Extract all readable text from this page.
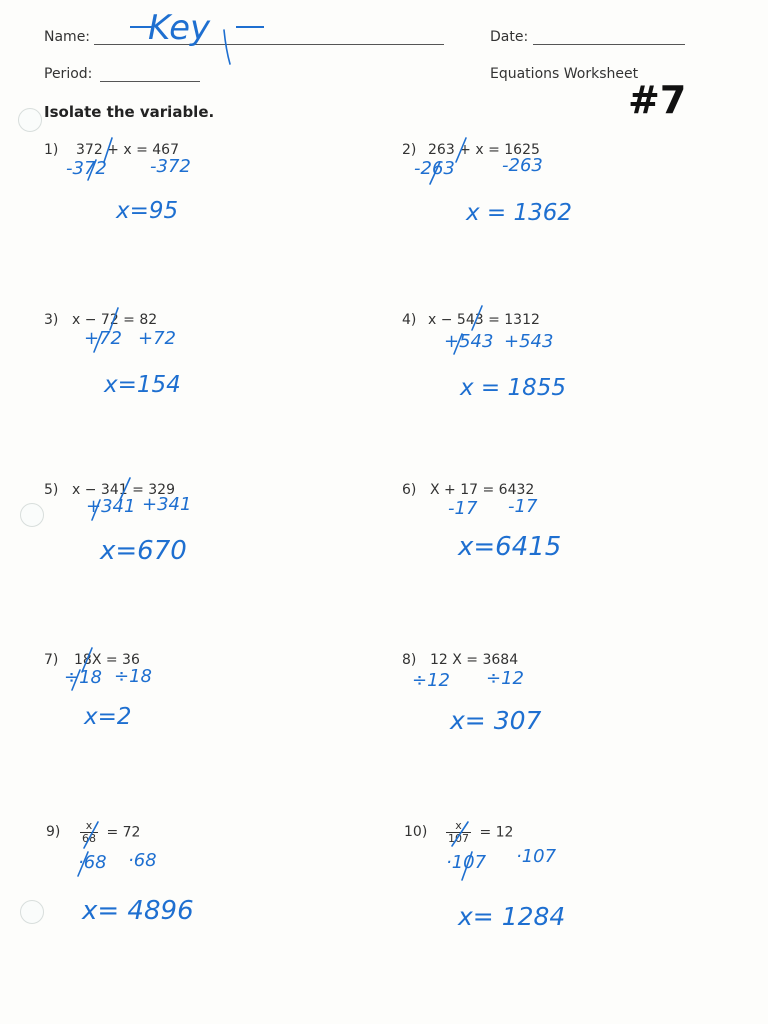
Name: Key	Date:
Period:	Equations Worksheet
#7
Isolate the variable.
1) 372 + x = 467
-372 -372
x=95
2) 263 + x = 1625
-263	-263
x = 1362
3) x − 72 = 82
+72 +72
x=154
4) x − 543 = 1312
+543 +543
x = 1855
5) x − 341 = 329
+341 +341
x=670
6) X + 17 = 6432
-17 -17
x=6415
7) 18X = 36
÷18 ÷18
x=2
8) 12 X = 3684
÷12 ÷12
x= 307
$9) \frac{x}{68} = 72$
·68 ·68
x= 4896
$10) \frac{x}{107} = 12$
·107 ·107
x= 1284
